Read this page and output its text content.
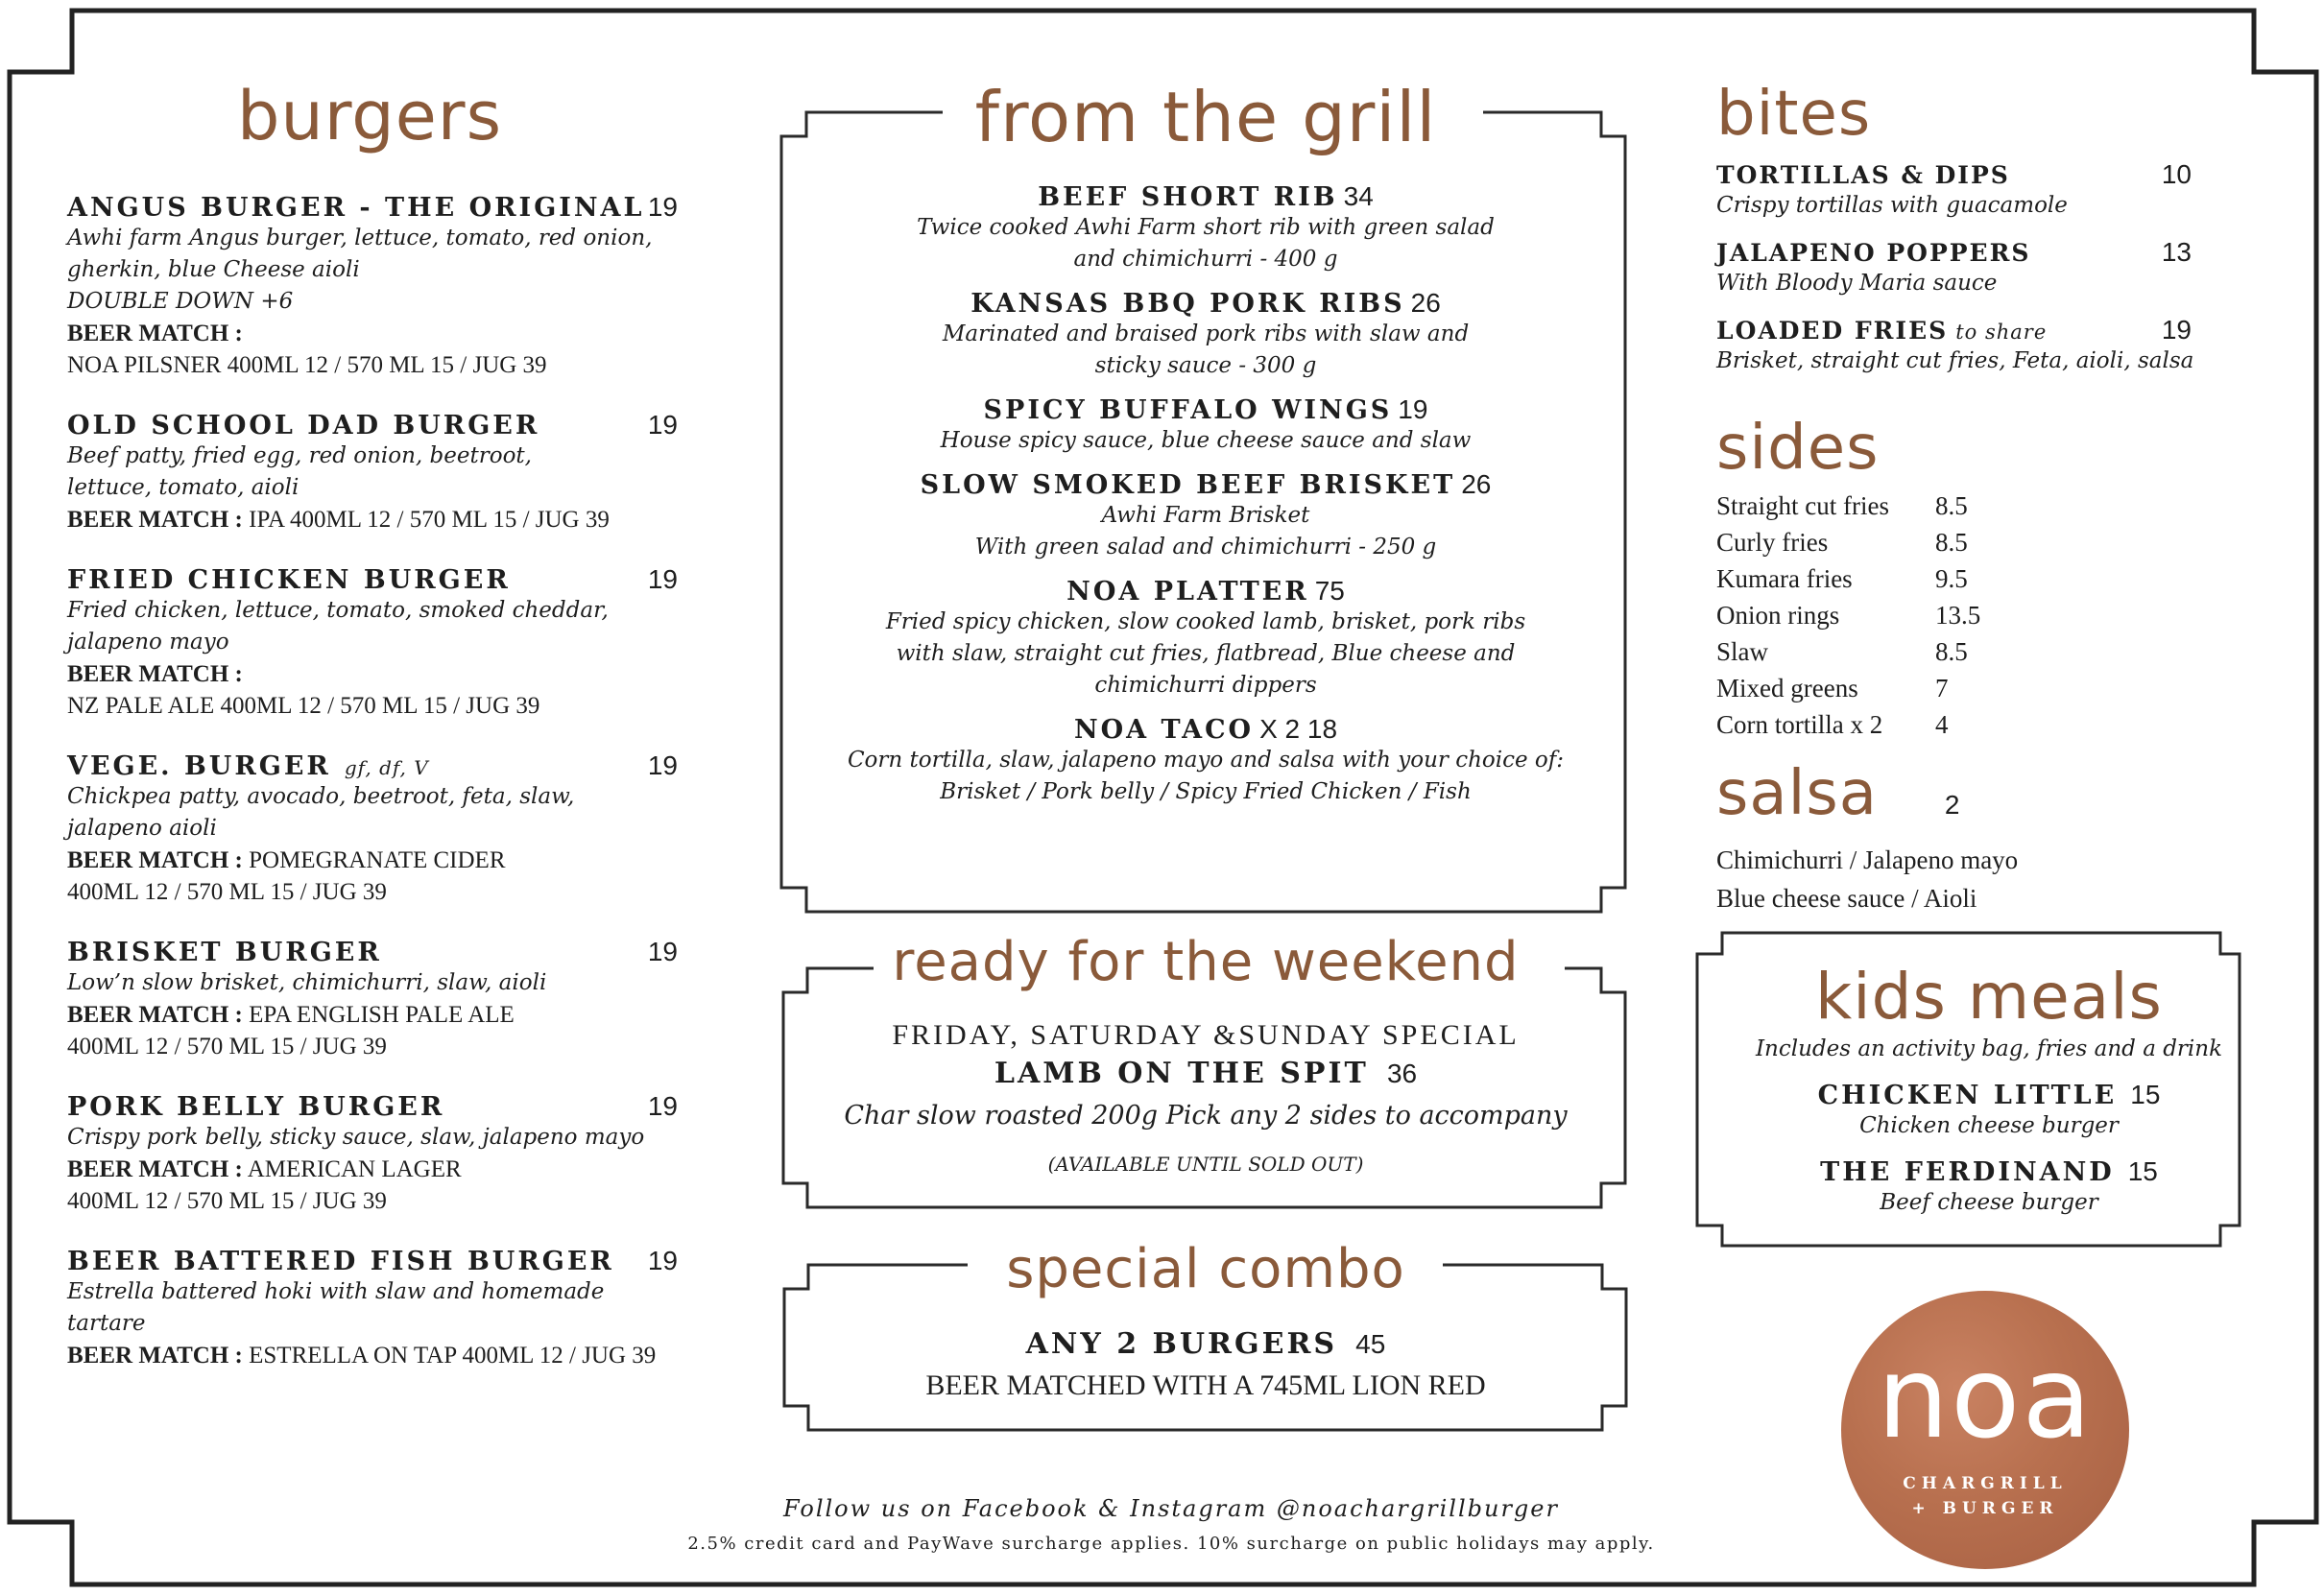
burgers
ANGUS BURGER - THE ORIGINAL 19
Awhi farm Angus burger, lettuce, tomato, red onion,
gherkin, blue Cheese aioli
DOUBLE DOWN +6
BEER MATCH :
NOA PILSNER 400ML 12 / 570 ML 15 / JUG 39
OLD SCHOOL DAD BURGER	19
Beef patty, fried egg, red onion, beetroot,
lettuce, tomato, aioli
BEER MATCH : IPA 400ML 12 / 570 ML 15 / JUG 39
FRIED CHICKEN BURGER	19
Fried chicken, lettuce, tomato, smoked cheddar,
jalapeno mayo
BEER MATCH :
NZ PALE ALE 400ML 12 / 570 ML 15 / JUG 39
VEGE. BURGER gf, df, V	19
Chickpea patty, avocado, beetroot, feta, slaw,
jalapeno aioli
BEER MATCH : POMEGRANATE CIDER
400ML 12 / 570 ML 15 / JUG 39
BRISKET BURGER	19
Low’n slow brisket, chimichurri, slaw, aioli
BEER MATCH : EPA ENGLISH PALE ALE
400ML 12 / 570 ML 15 / JUG 39
PORK BELLY BURGER	19
Crispy pork belly, sticky sauce, slaw, jalapeno mayo
BEER MATCH : AMERICAN LAGER
400ML 12 / 570 ML 15 / JUG 39
BEER BATTERED FISH BURGER 19
Estrella battered hoki with slaw and homemade
tartare
BEER MATCH : ESTRELLA ON TAP 400ML 12 / JUG 39
from the grill
BEEF SHORT RIB 34
Twice cooked Awhi Farm short rib with green salad
and chimichurri - 400 g
KANSAS BBQ PORK RIBS 26
Marinated and braised pork ribs with slaw and
sticky sauce - 300 g
SPICY BUFFALO WINGS 19
House spicy sauce, blue cheese sauce and slaw
SLOW SMOKED BEEF BRISKET 26
Awhi Farm Brisket
With green salad and chimichurri - 250 g
NOA PLATTER 75
Fried spicy chicken, slow cooked lamb, brisket, pork ribs
with slaw, straight cut fries, flatbread, Blue cheese and
chimichurri dippers
NOA TACO X 2 18
Corn tortilla, slaw, jalapeno mayo and salsa with your choice of:
Brisket / Pork belly / Spicy Fried Chicken / Fish
ready for the weekend
FRIDAY, SATURDAY &SUNDAY SPECIAL
LAMB ON THE SPIT 36
Char slow roasted 200g Pick any 2 sides to accompany
(AVAILABLE UNTIL SOLD OUT)
special combo
ANY 2 BURGERS 45
BEER MATCHED WITH A 745ML LION RED
bites
TORTILLAS & DIPS	10
Crispy tortillas with guacamole
JALAPENO POPPERS	13
With Bloody Maria sauce
LOADED FRIES to share	19
Brisket, straight cut fries, Feta, aioli, salsa
sides
Straight cut fries	8.5
Curly fries	8.5
Kumara fries	9.5
Onion rings	13.5
Slaw	8.5
Mixed greens	7
Corn tortilla x 2	4
salsa	2
Chimichurri / Jalapeno mayo
Blue cheese sauce / Aioli
kids meals
Includes an activity bag, fries and a drink
CHICKEN LITTLE 15
Chicken cheese burger
THE FERDINAND 15
Beef cheese burger
noa
CHARGRILL
+ BURGER
Follow us on Facebook & Instagram @noachargrillburger
2.5% credit card and PayWave surcharge applies. 10% surcharge on public holidays may apply.
